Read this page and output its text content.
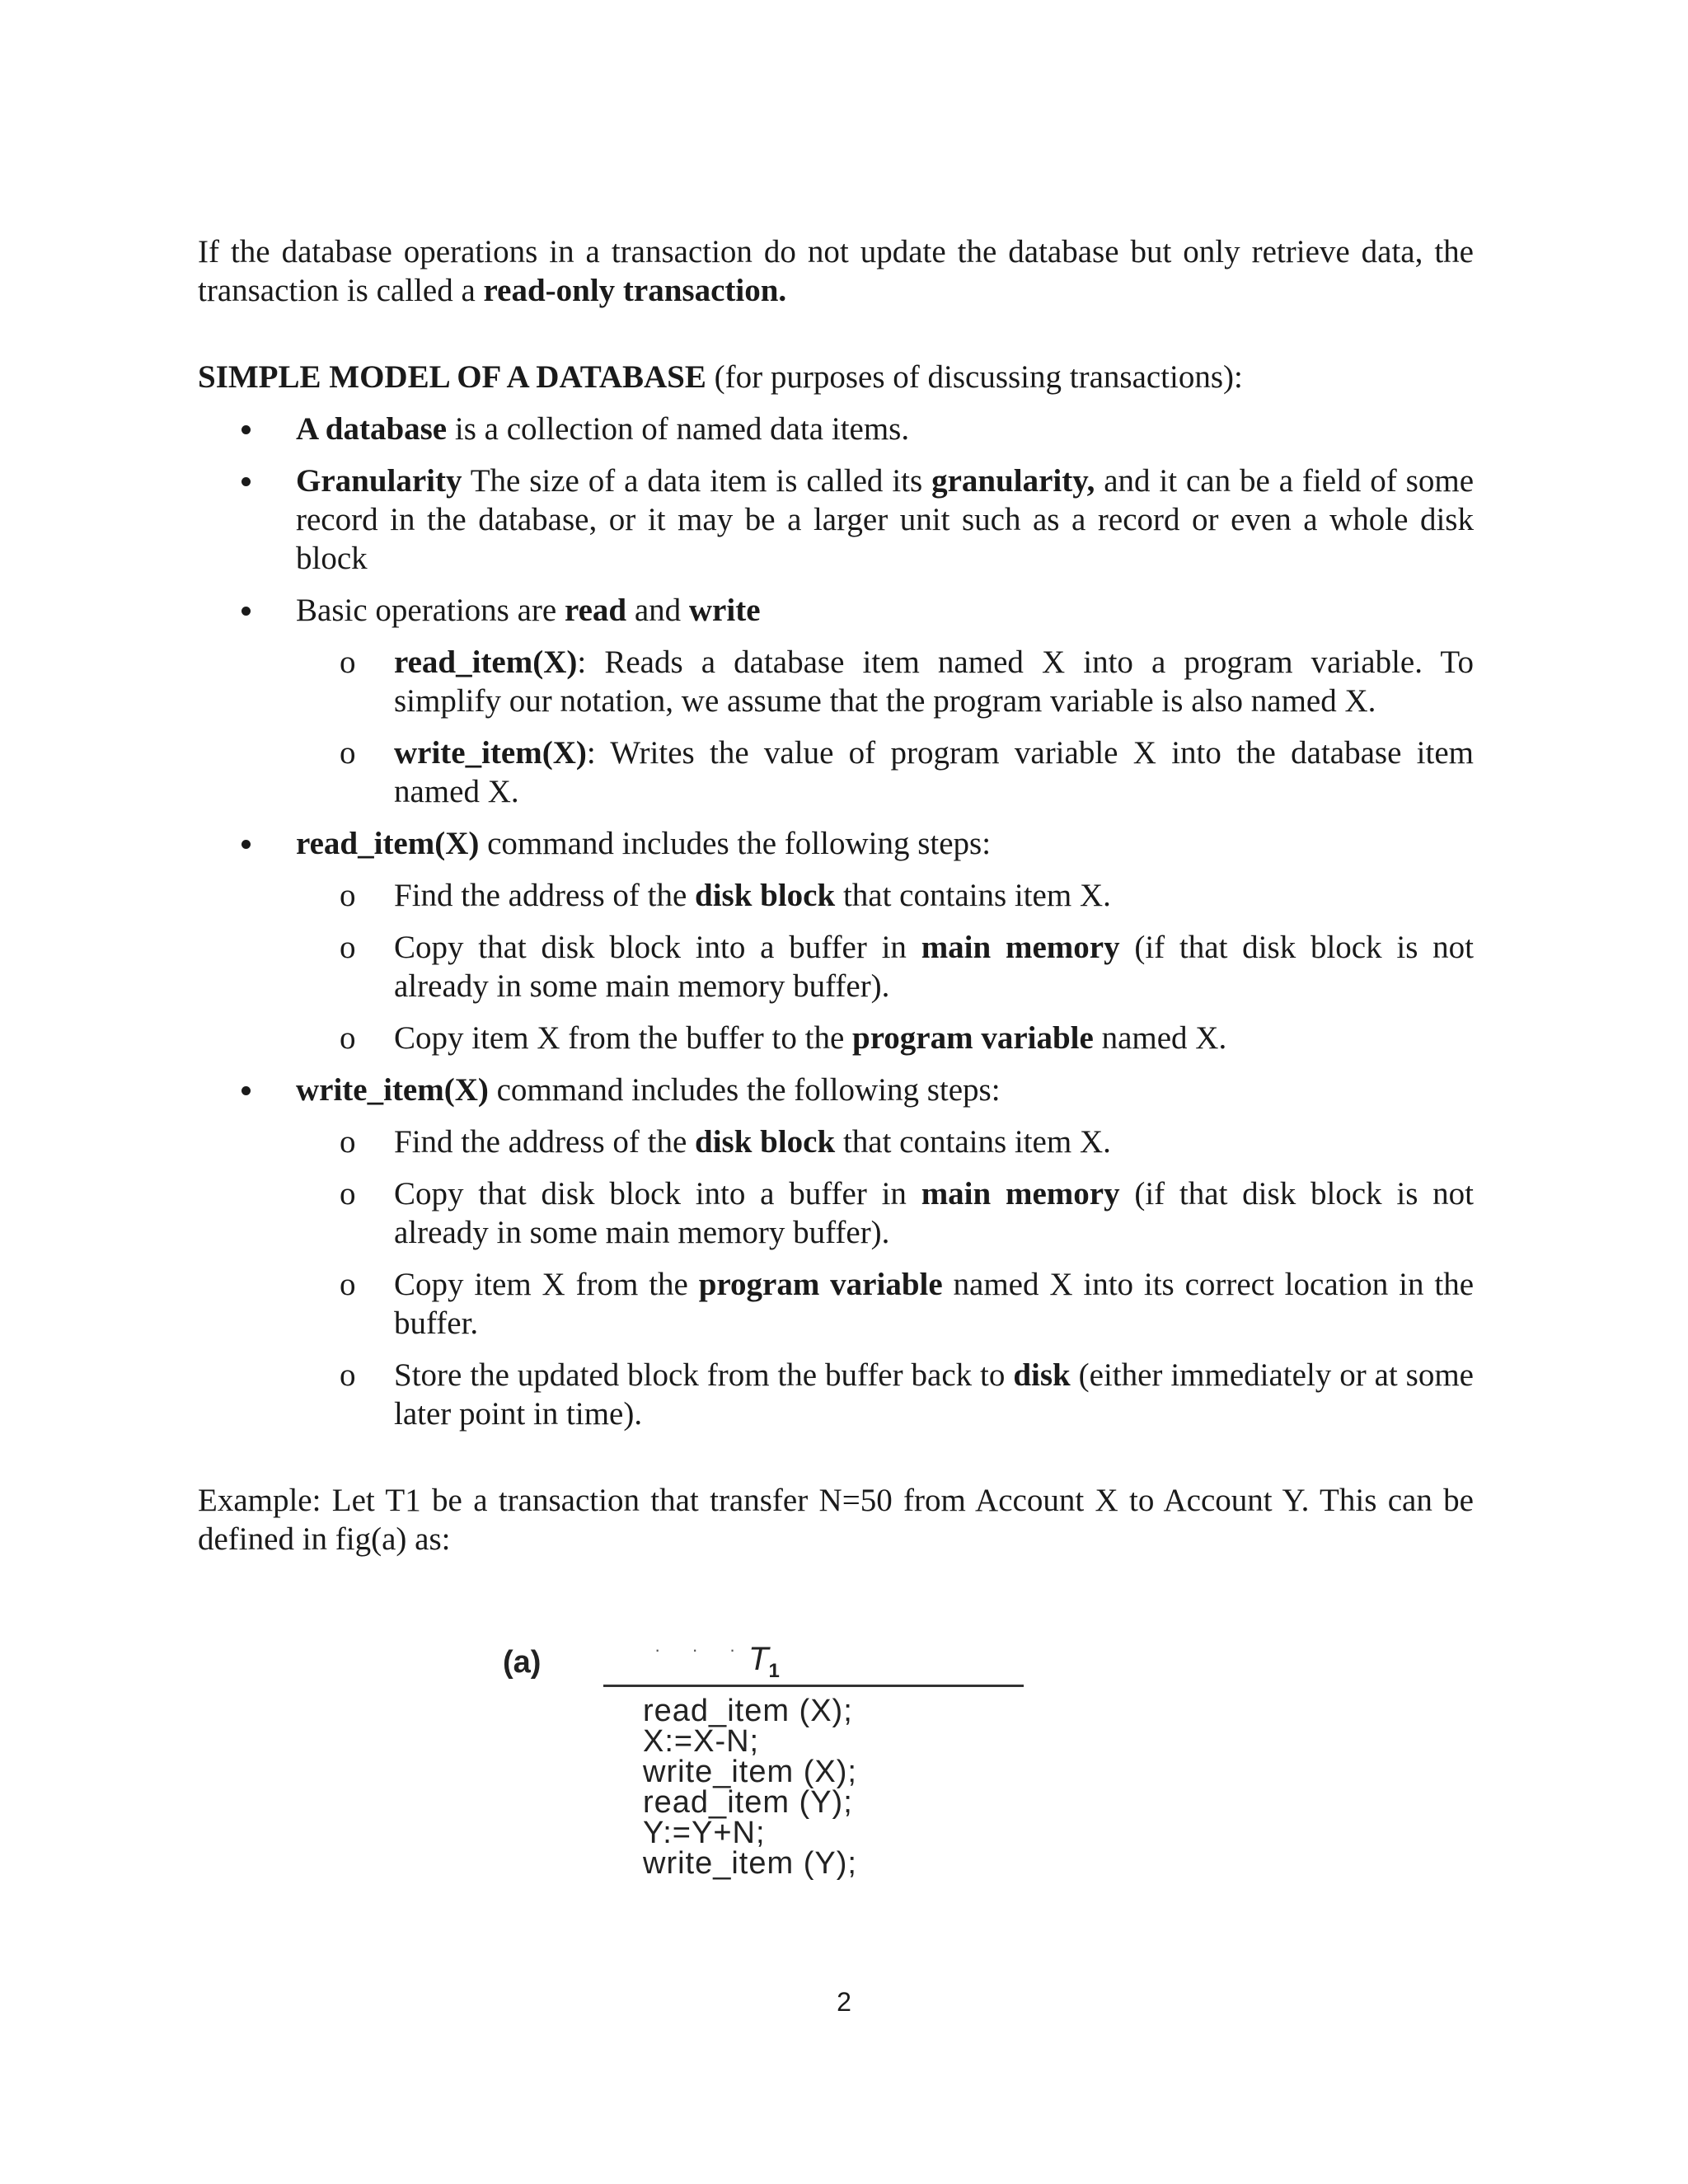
If the database operations in a transaction do not update the database but only retrieve data, the transaction is called a read-only transaction.

SIMPLE MODEL OF A DATABASE (for purposes of discussing transactions):

A database is a collection of named data items.
Granularity The size of a data item is called its granularity, and it can be a field of some record in the database, or it may be a larger unit such as a record or even a whole disk block
Basic operations are read and write
o read_item(X): Reads a database item named X into a program variable. To simplify our notation, we assume that the program variable is also named X.
o write_item(X): Writes the value of program variable X into the database item named X.
read_item(X) command includes the following steps:
o Find the address of the disk block that contains item X.
o Copy that disk block into a buffer in main memory (if that disk block is not already in some main memory buffer).
o Copy item X from the buffer to the program variable named X.
write_item(X) command includes the following steps:
o Find the address of the disk block that contains item X.
o Copy that disk block into a buffer in main memory (if that disk block is not already in some main memory buffer).
o Copy item X from the program variable named X into its correct location in the buffer.
o Store the updated block from the buffer back to disk (either immediately or at some later point in time).

Example: Let T1 be a transaction that transfer N=50 from Account X to Account Y. This can be defined in fig(a) as:

(a)	· · · $T_1$
read_item (X);
X:=X-N;
write_item (X);
read_item (Y);
Y:=Y+N;
write_item (Y);
2
